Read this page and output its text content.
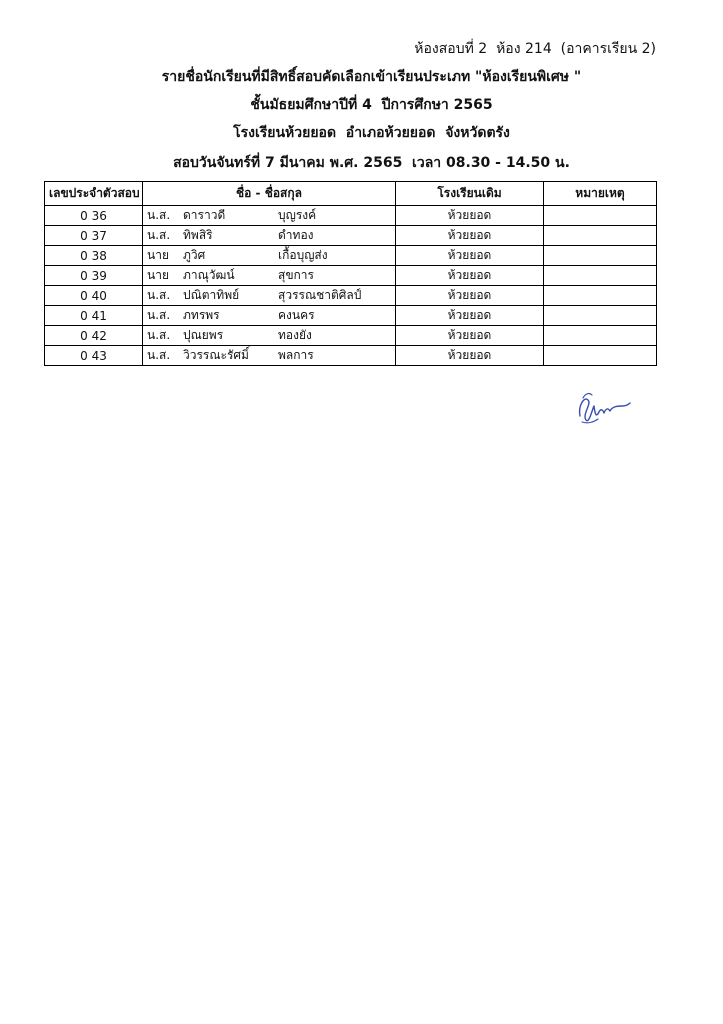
ห้องสอบที่ 2  ห้อง 214  (อาคารเรียน 2)
รายชื่อนักเรียนที่มีสิทธิ์สอบคัดเลือกเข้าเรียนประเภท "ห้องเรียนพิเศษ "
ชั้นมัธยมศึกษาปีที่ 4  ปีการศึกษา 2565
โรงเรียนห้วยยอด  อำเภอห้วยยอด  จังหวัดตรัง
สอบวันจันทร์ที่ 7 มีนาคม พ.ศ. 2565  เวลา 08.30 - 14.50 น.
เลขประจำตัวสอบ	ชื่อ - ชื่อสกุล	โรงเรียนเดิม	หมายเหตุ
0 36	น.ส. ดาราวดี บุญรงค์	ห้วยยอด	
0 37	น.ส. ทิพสิริ ดำทอง	ห้วยยอด	
0 38	นาย ภูวิศ เกื้อบุญส่ง	ห้วยยอด	
0 39	นาย ภาณุวัฒน์ สุขการ	ห้วยยอด	
0 40	น.ส. ปณิตาทิพย์ สุวรรณชาติศิลป์	ห้วยยอด	
0 41	น.ส. ภทรพร คงนคร	ห้วยยอด	
0 42	น.ส. ปุณยพร ทองยัง	ห้วยยอด	
0 43	น.ส. วิวรรณะรัศมิ์ พลการ	ห้วยยอด	
